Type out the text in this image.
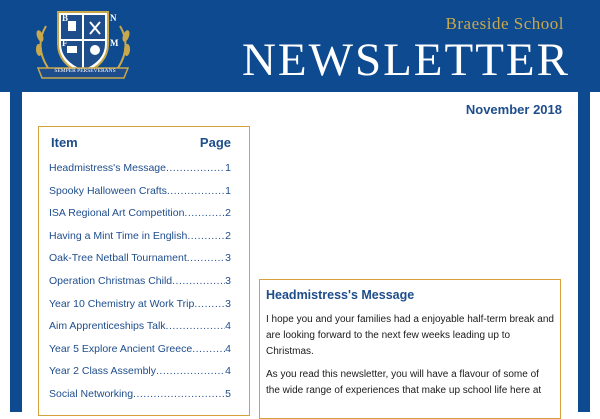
B	N
F	M
SEMPER PERSEVERANS
Braeside School
NEWSLETTER
November 2018
Item	Page
Headmistress's Message .....	1
Spooky Halloween Crafts .....	1
ISA Regional Art Competition .....	2
Having a Mint Time in English .....	2
Oak-Tree Netball Tournament .....	3
Operation Christmas Child .....	3
Year 10 Chemistry at Work Trip .....	3
Aim Apprenticeships Talk .....	4
Year 5 Explore Ancient Greece .....	4
Year 2 Class Assembly .....	4
Social Networking .....	5
Headmistress's Message

I hope you and your families had a enjoyable half-term break and are looking forward to the next few weeks leading up to Christmas.

As you read this newsletter, you will have a flavour of some of the wide range of experiences that make up school life here at
